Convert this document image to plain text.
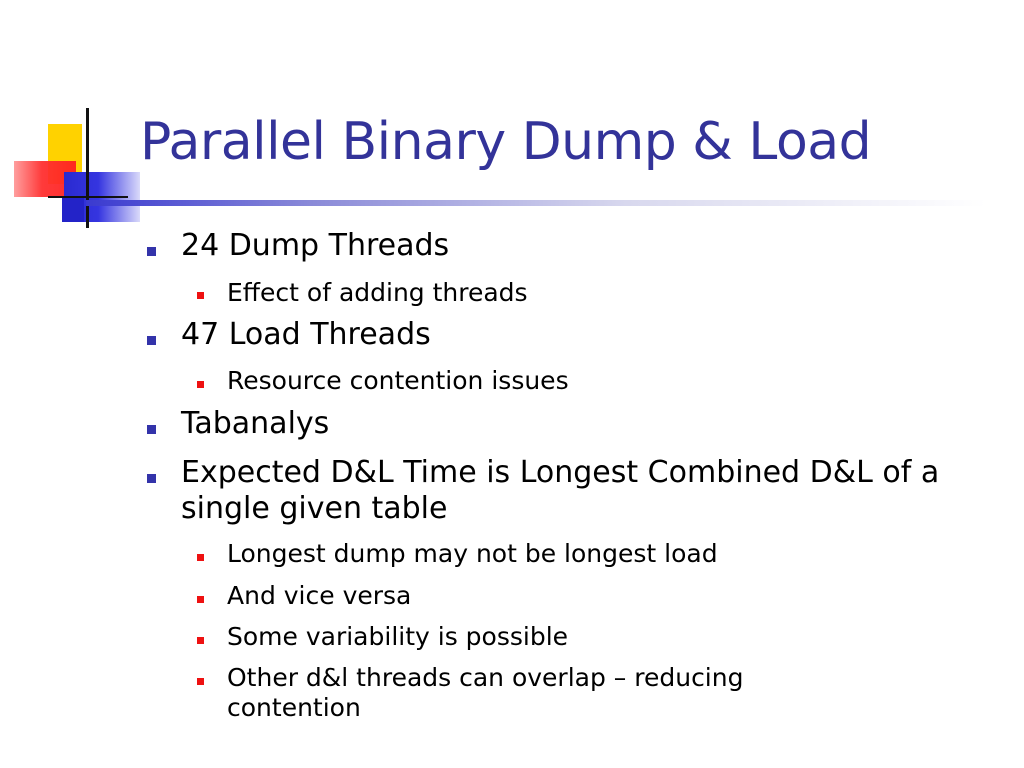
Parallel Binary Dump & Load
24 Dump Threads
Effect of adding threads
47 Load Threads
Resource contention issues
Tabanalys
Expected D&L Time is Longest Combined D&L of a single given table
Longest dump may not be longest load
And vice versa
Some variability is possible
Other d&l threads can overlap – reducing contention
